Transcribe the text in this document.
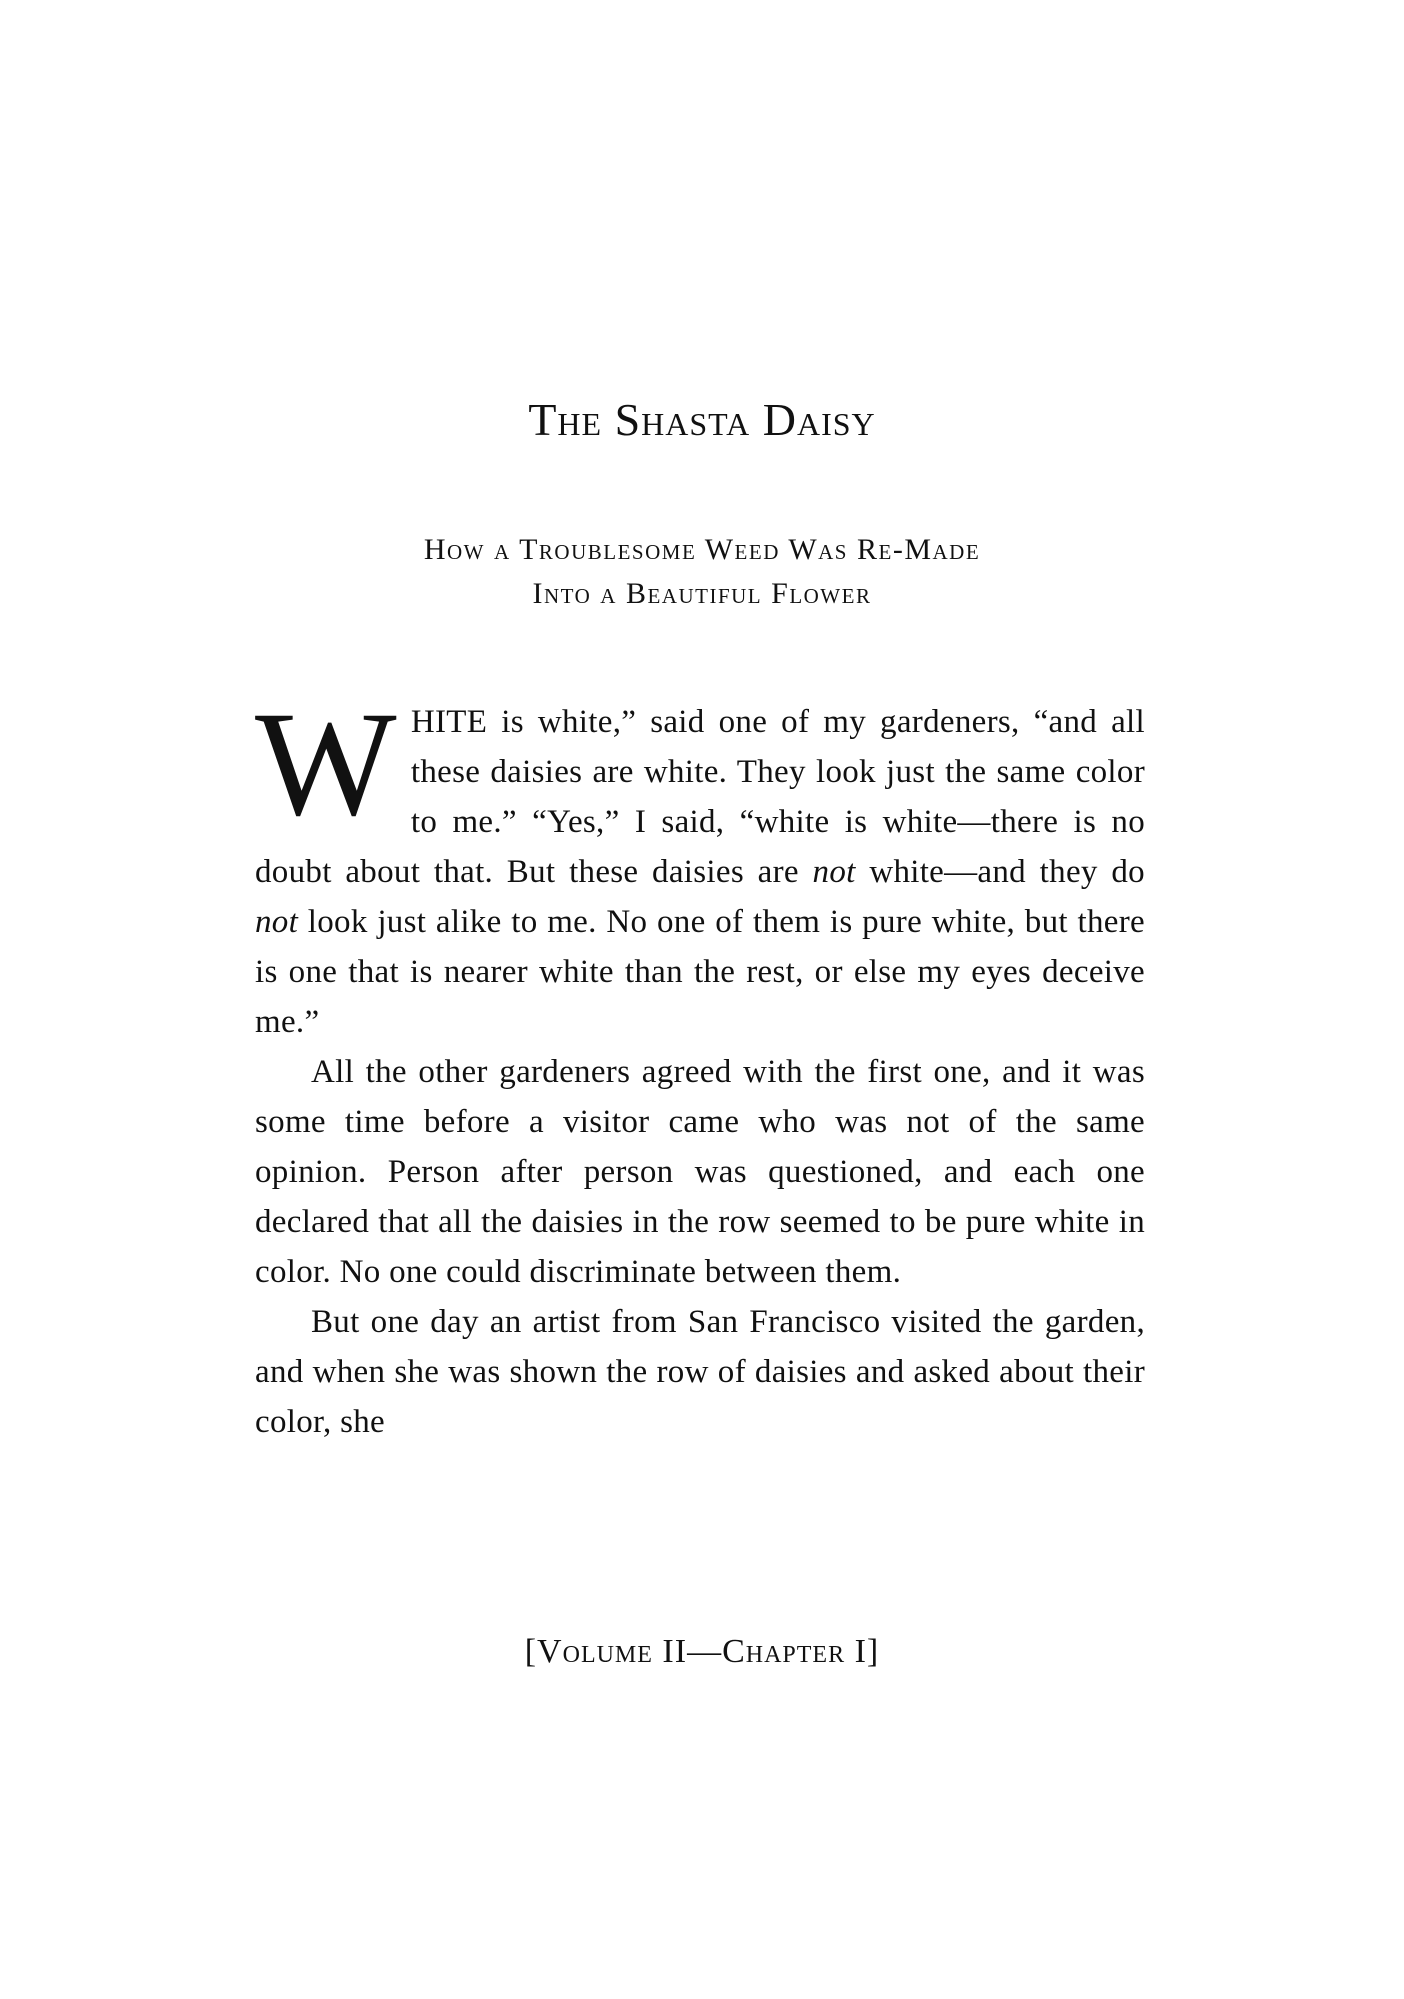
The Shasta Daisy
How a Troublesome Weed Was Re-Made
Into a Beautiful Flower

WHITE is white,” said one of my gardeners, “and all these daisies are white. They look just the same color to me.” “Yes,” I said, “white is white—there is no doubt about that. But these daisies are not white—and they do not look just alike to me. No one of them is pure white, but there is one that is nearer white than the rest, or else my eyes deceive me.”

All the other gardeners agreed with the first one, and it was some time before a visitor came who was not of the same opinion. Person after person was questioned, and each one declared that all the daisies in the row seemed to be pure white in color. No one could discriminate between them.

But one day an artist from San Francisco visited the garden, and when she was shown the row of daisies and asked about their color, she

[Volume II—Chapter I]
